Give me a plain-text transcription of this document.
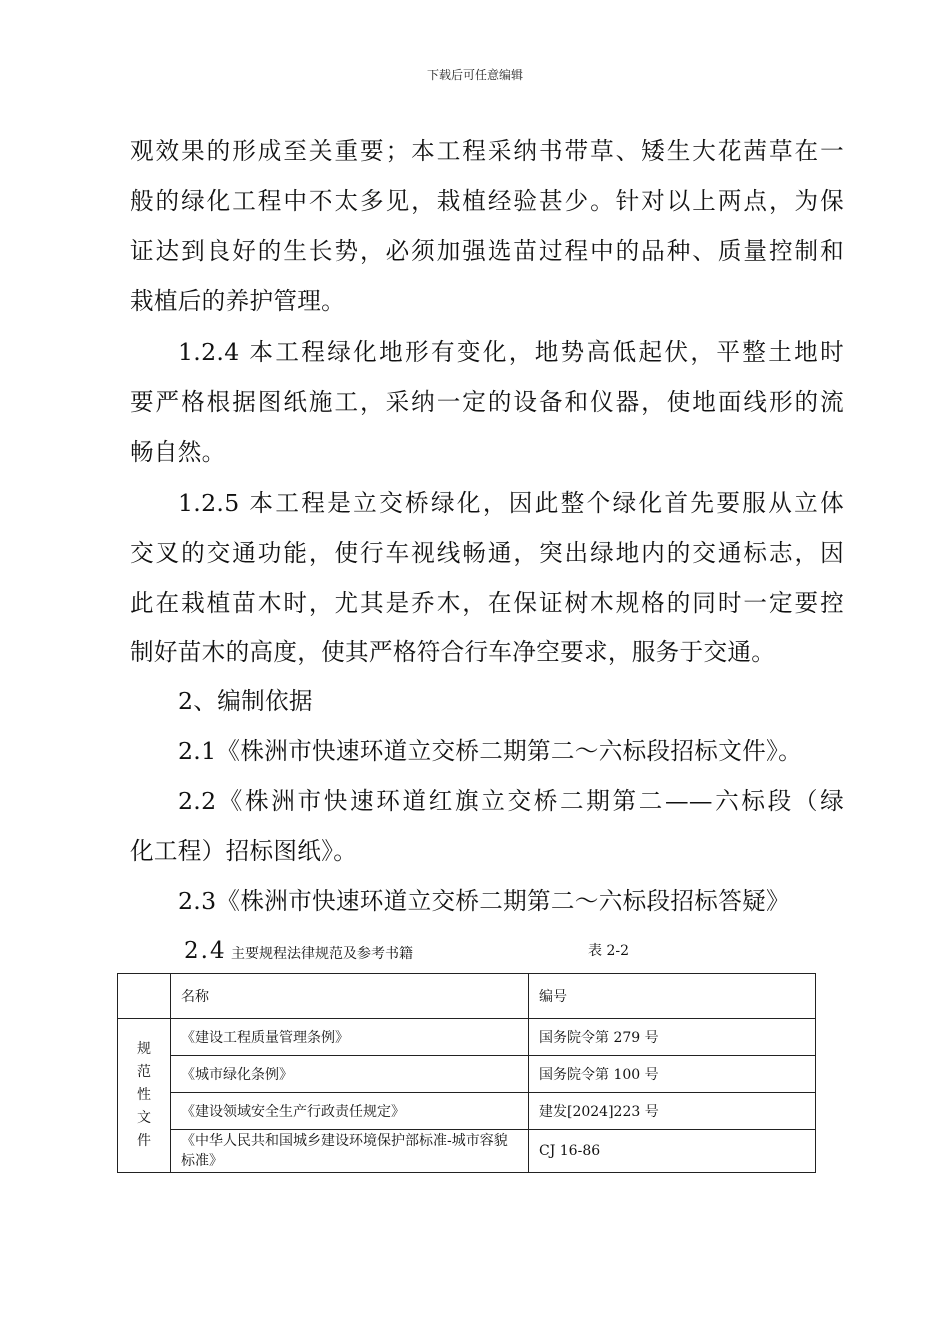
下载后可任意编辑
观效果的形成至关重要；本工程采纳书带草、矮生大花茜草在一
般的绿化工程中不太多见，栽植经验甚少。针对以上两点，为保
证达到良好的生长势，必须加强选苗过程中的品种、质量控制和
栽植后的养护管理。
1.2.4 本工程绿化地形有变化，地势高低起伏，平整土地时
要严格根据图纸施工，采纳一定的设备和仪器，使地面线形的流
畅自然。
1.2.5 本工程是立交桥绿化，因此整个绿化首先要服从立体
交叉的交通功能，使行车视线畅通，突出绿地内的交通标志，因
此在栽植苗木时，尤其是乔木，在保证树木规格的同时一定要控
制好苗木的高度，使其严格符合行车净空要求，服务于交通。
2、编制依据
2.1《株洲市快速环道立交桥二期第二～六标段招标文件》。
2.2《株洲市快速环道红旗立交桥二期第二——六标段（绿
化工程）招标图纸》。
2.3《株洲市快速环道立交桥二期第二～六标段招标答疑》
2.4 主要规程法律规范及参考书籍	表 2-2
	名称	编号

规
范
性
文
件	《建设工程质量管理条例》	国务院令第 279 号
	《城市绿化条例》	国务院令第 100 号
	《建设领域安全生产行政责任规定》	建发[2024]223 号
	《中华人民共和国城乡建设环境保护部标准-城市容貌标准》	CJ 16-86
